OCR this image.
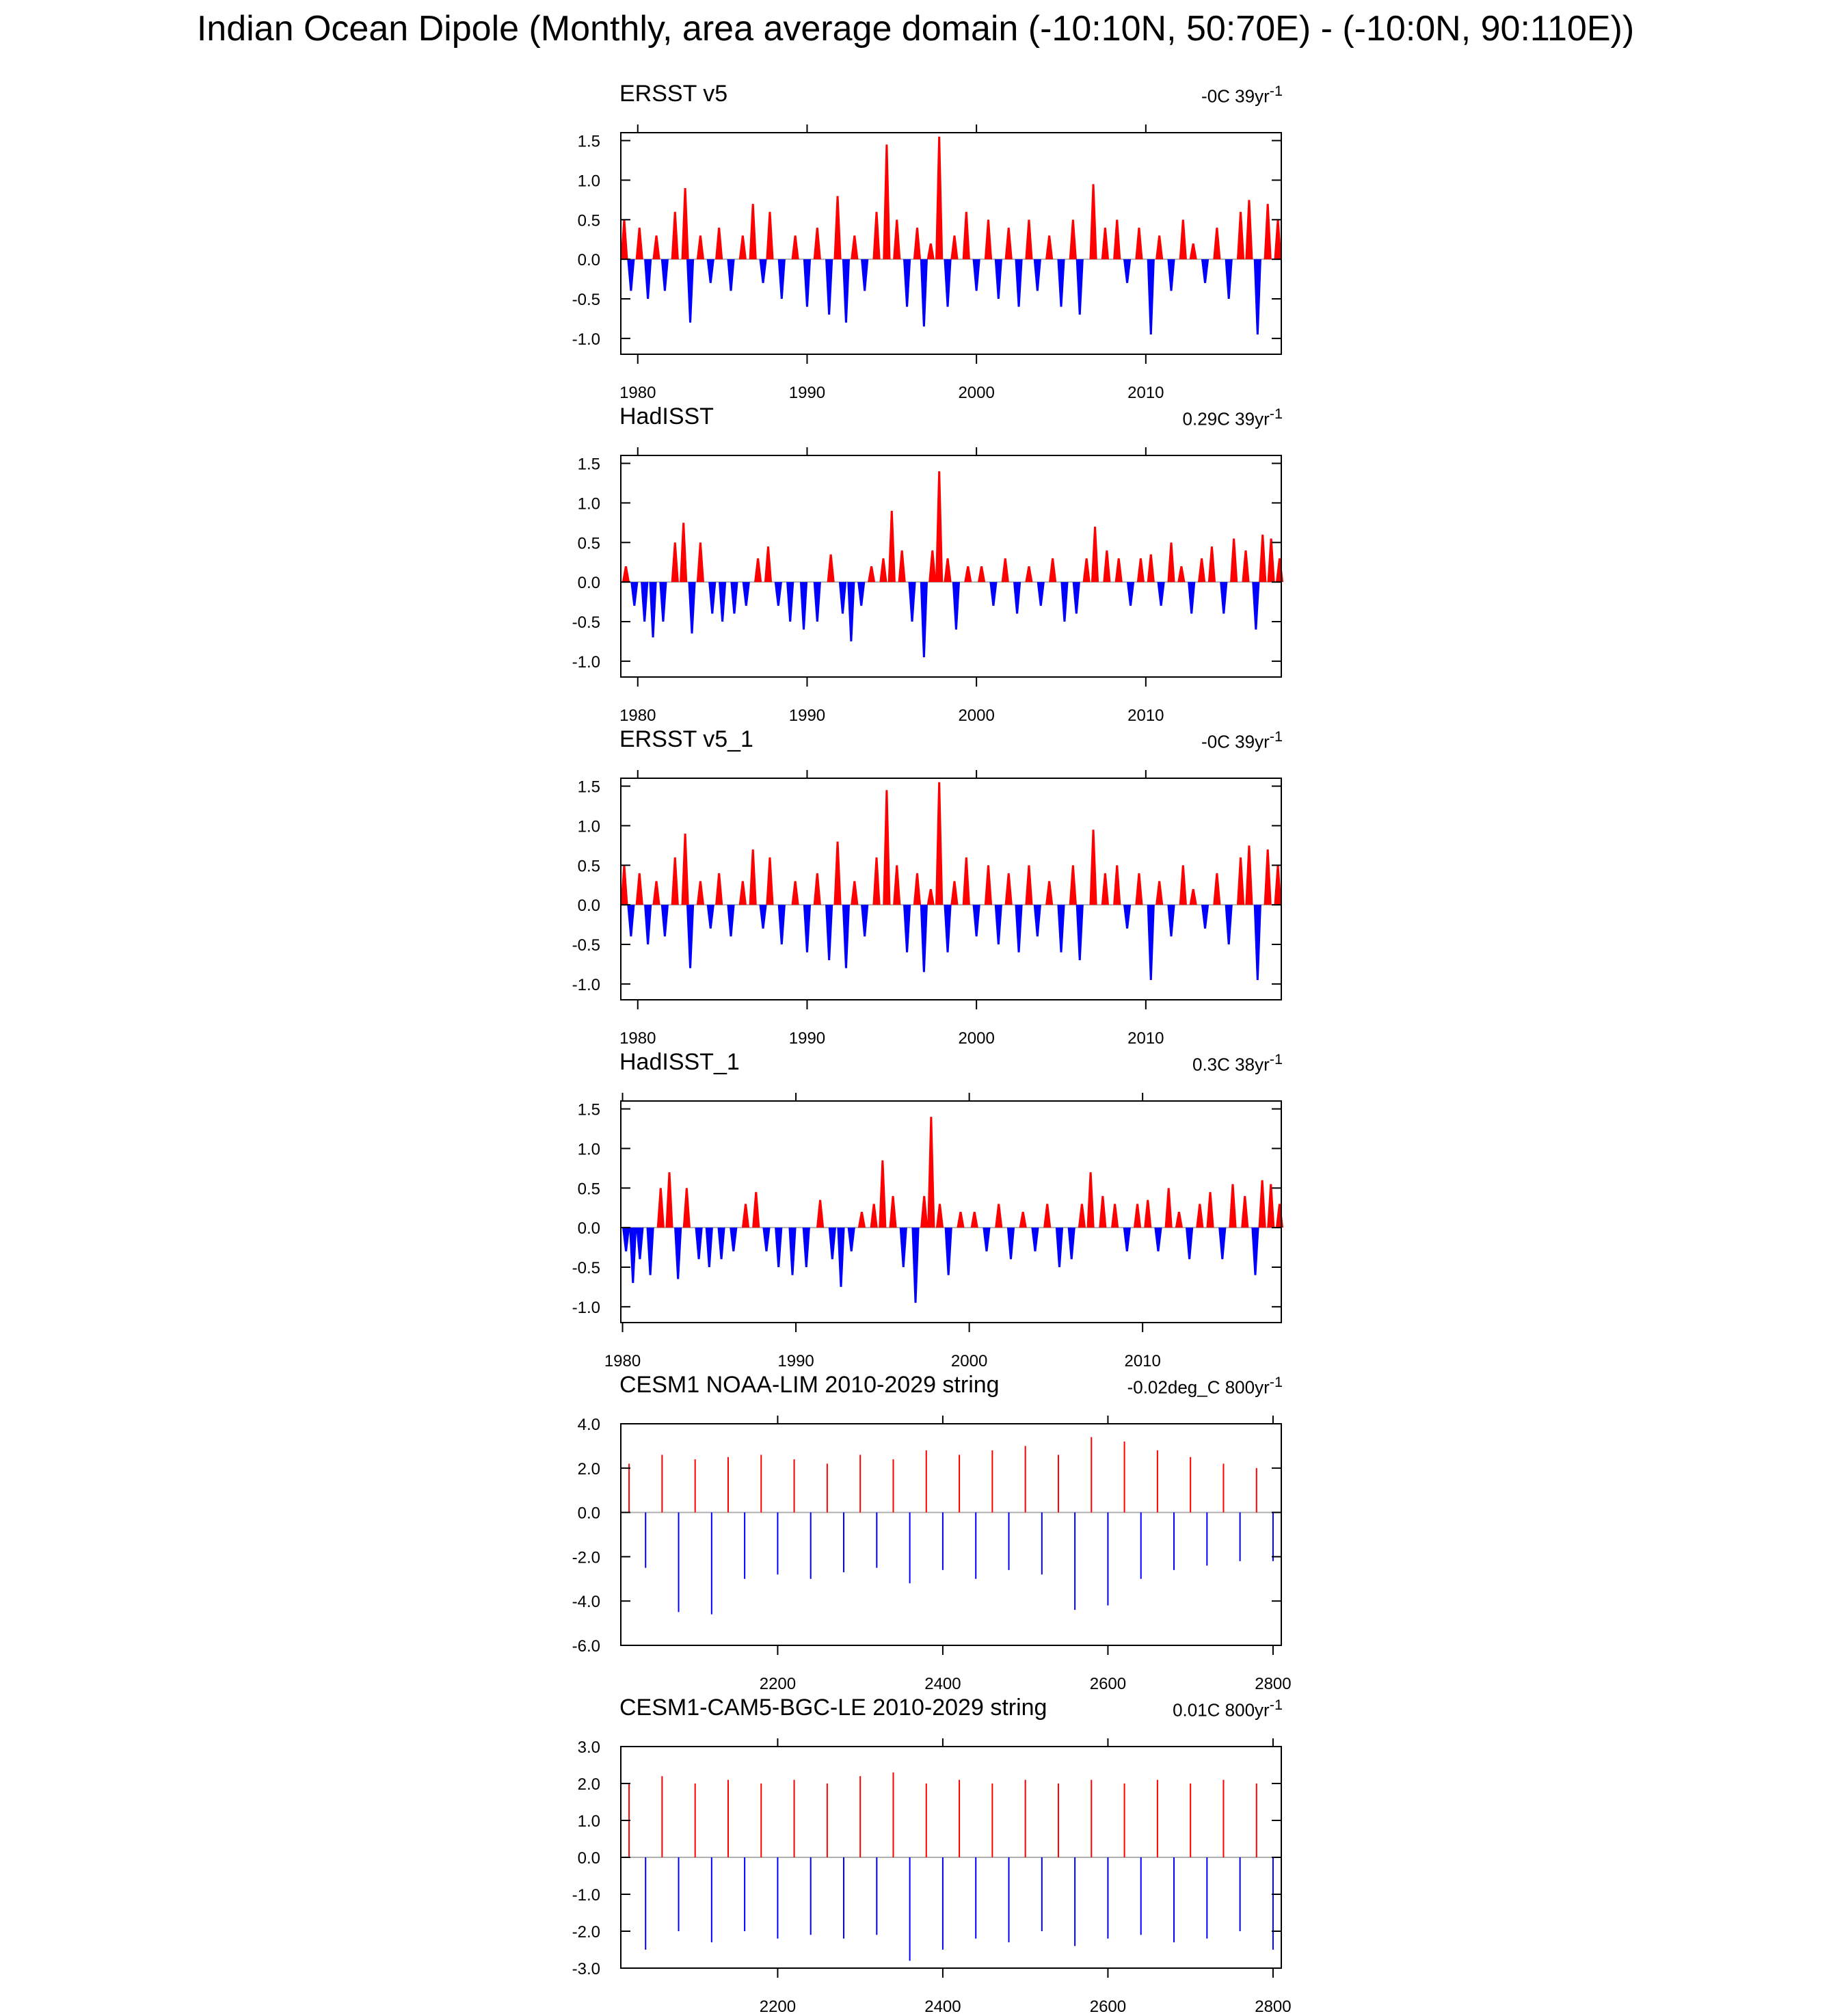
Indian Ocean Dipole (Monthly, area average domain (-10:10N, 50:70E) - (-10:0N, 90:110E))
ERSST v5	-0C $39yr^{-1}$
-1.0
-0.5
0.0
0.5
1.0
1.5
1980	1990	2000	2010
HadISST	0.29C $39yr^{-1}$
-1.0
-0.5
0.0
0.5
1.0
1.5
1980	1990	2000	2010
ERSST v5_1	-0C $39yr^{-1}$
-1.0
-0.5
0.0
0.5
1.0
1.5
1980	1990	2000	2010
HadISST_1	0.3C $38yr^{-1}$
-1.0
-0.5
0.0
0.5
1.0
1.5
1980	1990	2000	2010
CESM1 NOAA-LIM 2010-2029 string	-0.02deg_C $800yr^{-1}$
-6.0
-4.0
-2.0
0.0
2.0
4.0
2200	2400	2600	2800
CESM1-CAM5-BGC-LE 2010-2029 string	0.01C $800yr^{-1}$
-3.0
-2.0
-1.0
0.0
1.0
2.0
3.0
2200	2400	2600	2800
